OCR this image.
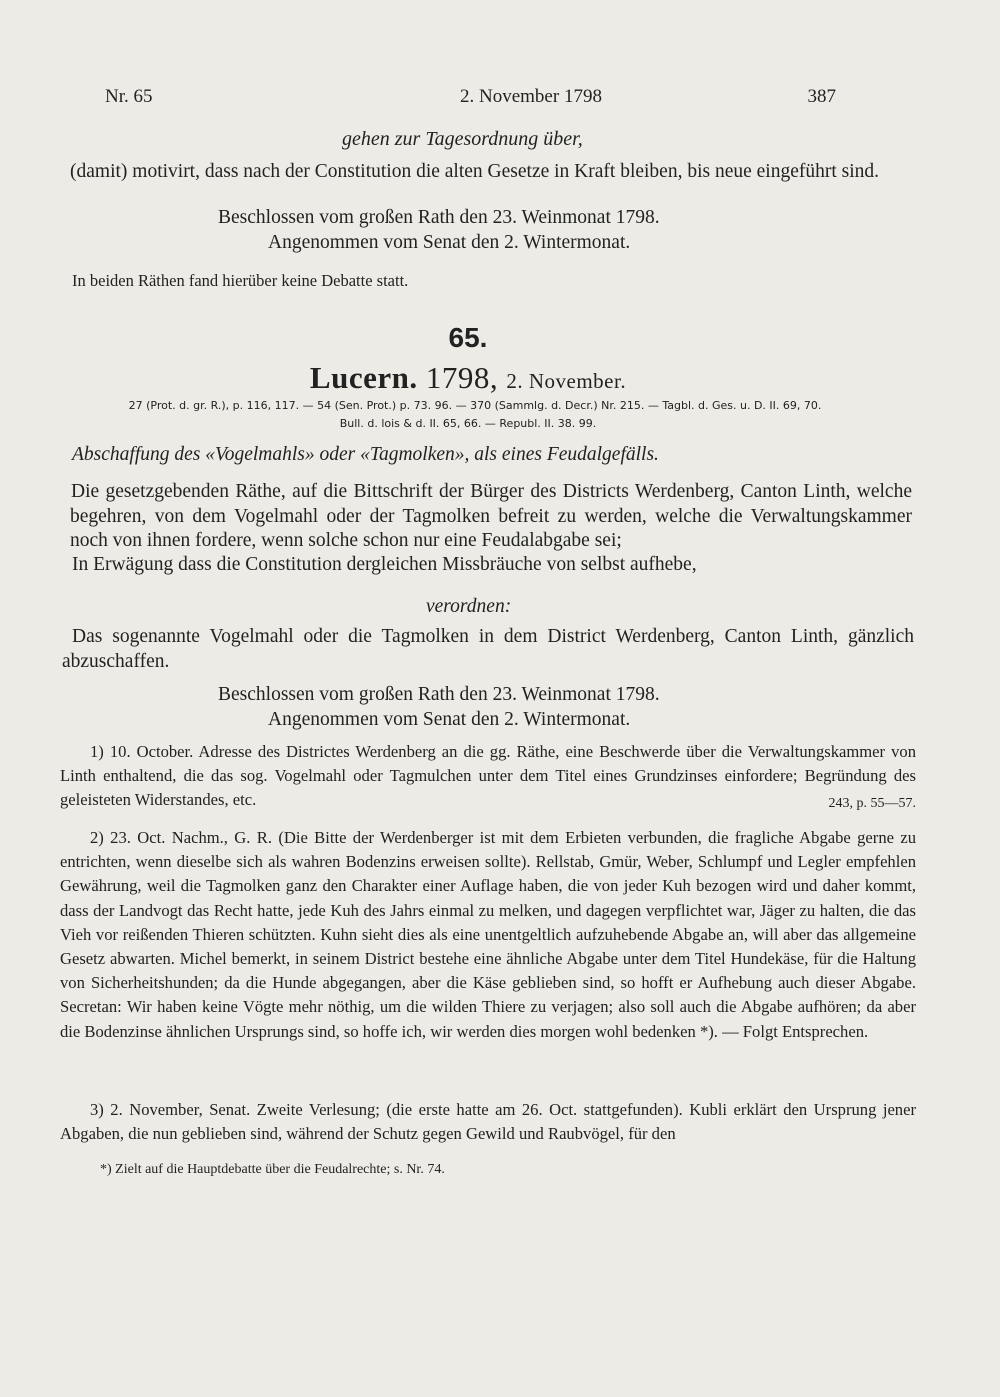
Nr. 65	2. November 1798	387
gehen zur Tagesordnung über,

(damit) motivirt, dass nach der Constitution die alten Gesetze in Kraft bleiben, bis neue eingeführt sind.

Beschlossen vom großen Rath den 23. Weinmonat 1798.
Angenommen vom Senat den 2. Wintermonat.
In beiden Räthen fand hierüber keine Debatte statt.
65.
Lucern. 1798, 2. November.
27 (Prot. d. gr. R.), p. 116, 117. — 54 (Sen. Prot.) p. 73. 96. — 370 (Sammlg. d. Decr.) Nr. 215. — Tagbl. d. Ges. u. D. II. 69, 70.
Bull. d. lois & d. II. 65, 66. — Republ. II. 38. 99.
Abschaffung des «Vogelmahls» oder «Tagmolken», als eines Feudalgefälls.

Die gesetzgebenden Räthe, auf die Bittschrift der Bürger des Districts Werdenberg, Canton Linth, welche begehren, von dem Vogelmahl oder der Tagmolken befreit zu werden, welche die Verwaltungskammer noch von ihnen fordere, wenn solche schon nur eine Feudalabgabe sei;

In Erwägung dass die Constitution dergleichen Missbräuche von selbst aufhebe,
verordnen:

Das sogenannte Vogelmahl oder die Tagmolken in dem District Werdenberg, Canton Linth, gänzlich abzuschaffen.

Beschlossen vom großen Rath den 23. Weinmonat 1798.
Angenommen vom Senat den 2. Wintermonat.

1) 10. October. Adresse des Districtes Werdenberg an die gg. Räthe, eine Beschwerde über die Verwaltungskammer von Linth enthaltend, die das sog. Vogelmahl oder Tagmulchen unter dem Titel eines Grundzinses einfordere; Begründung des geleisteten Widerstandes, etc.	243, p. 55—57.

2) 23. Oct. Nachm., G. R. (Die Bitte der Werdenberger ist mit dem Erbieten verbunden, die fragliche Abgabe gerne zu entrichten, wenn dieselbe sich als wahren Bodenzins erweisen sollte). Rellstab, Gmür, Weber, Schlumpf und Legler empfehlen Gewährung, weil die Tagmolken ganz den Charakter einer Auflage haben, die von jeder Kuh bezogen wird und daher kommt, dass der Landvogt das Recht hatte, jede Kuh des Jahrs einmal zu melken, und dagegen verpflichtet war, Jäger zu halten, die das Vieh vor reißenden Thieren schützten. Kuhn sieht dies als eine unentgeltlich aufzuhebende Abgabe an, will aber das allgemeine Gesetz abwarten. Michel bemerkt, in seinem District bestehe eine ähnliche Abgabe unter dem Titel Hundekäse, für die Haltung von Sicherheitshunden; da die Hunde abgegangen, aber die Käse geblieben sind, so hofft er Aufhebung auch dieser Abgabe. Secretan: Wir haben keine Vögte mehr nöthig, um die wilden Thiere zu verjagen; also soll auch die Abgabe aufhören; da aber die Bodenzinse ähnlichen Ursprungs sind, so hoffe ich, wir werden dies morgen wohl bedenken *). — Folgt Entsprechen.

3) 2. November, Senat. Zweite Verlesung; (die erste hatte am 26. Oct. stattgefunden). Kubli erklärt den Ursprung jener Abgaben, die nun geblieben sind, während der Schutz gegen Gewild und Raubvögel, für den

*) Zielt auf die Hauptdebatte über die Feudalrechte; s. Nr. 74.
